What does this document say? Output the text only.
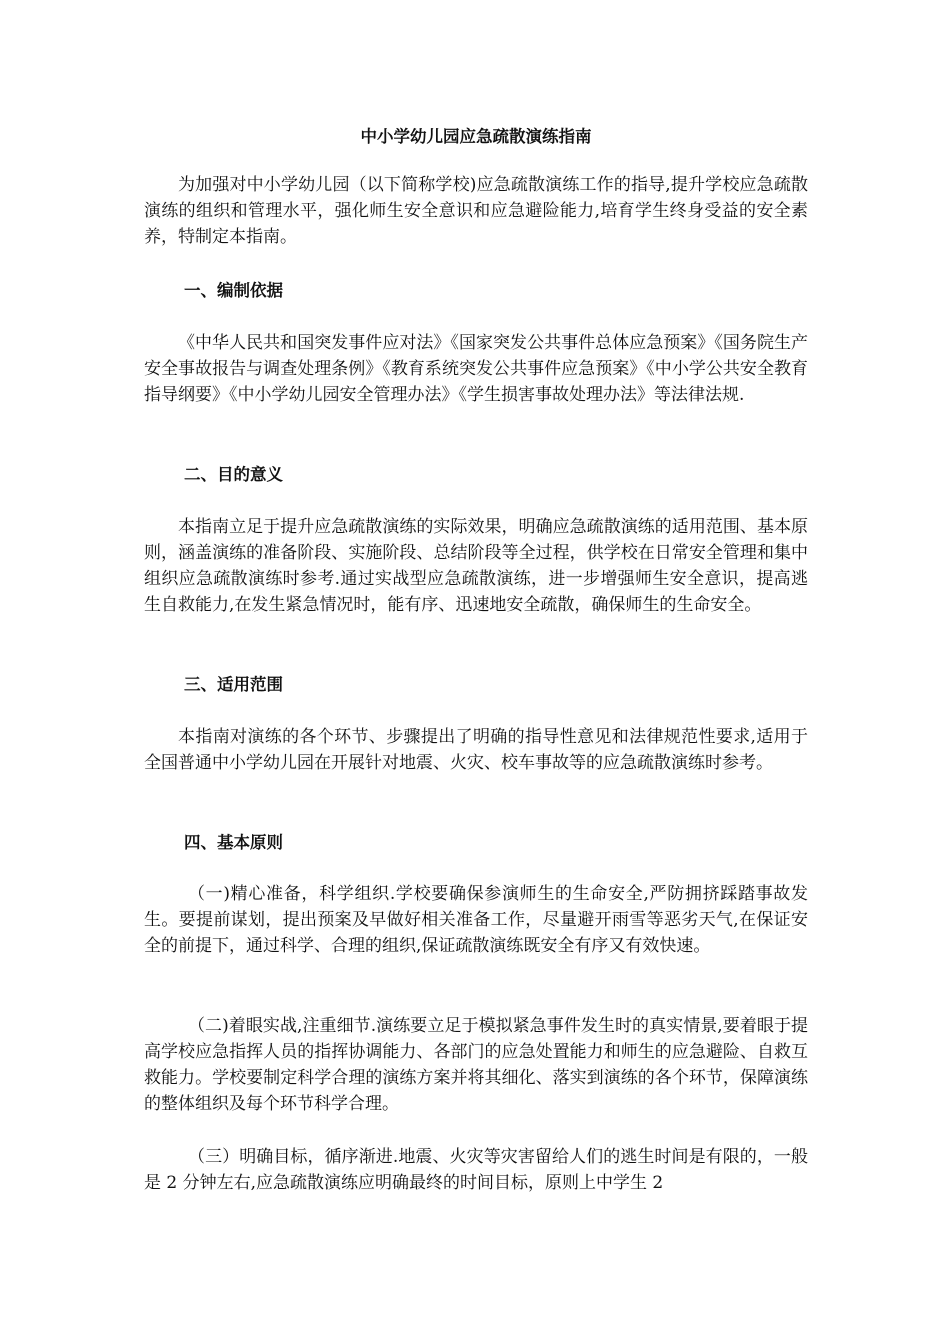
中小学幼儿园应急疏散演练指南

为加强对中小学幼儿园（以下简称学校)应急疏散演练工作的指导,提升学校应急疏散演练的组织和管理水平，强化师生安全意识和应急避险能力,培育学生终身受益的安全素养，特制定本指南。

一、编制依据

《中华人民共和国突发事件应对法》《国家突发公共事件总体应急预案》《国务院生产安全事故报告与调查处理条例》《教育系统突发公共事件应急预案》《中小学公共安全教育指导纲要》《中小学幼儿园安全管理办法》《学生损害事故处理办法》等法律法规.

二、目的意义

本指南立足于提升应急疏散演练的实际效果，明确应急疏散演练的适用范围、基本原则，涵盖演练的准备阶段、实施阶段、总结阶段等全过程，供学校在日常安全管理和集中组织应急疏散演练时参考.通过实战型应急疏散演练，进一步增强师生安全意识，提高逃生自救能力,在发生紧急情况时，能有序、迅速地安全疏散，确保师生的生命安全。

三、适用范围

本指南对演练的各个环节、步骤提出了明确的指导性意见和法律规范性要求,适用于全国普通中小学幼儿园在开展针对地震、火灾、校车事故等的应急疏散演练时参考。

四、基本原则

（一)精心准备，科学组织.学校要确保参演师生的生命安全,严防拥挤踩踏事故发生。要提前谋划，提出预案及早做好相关准备工作，尽量避开雨雪等恶劣天气,在保证安全的前提下，通过科学、合理的组织,保证疏散演练既安全有序又有效快速。

（二)着眼实战,注重细节.演练要立足于模拟紧急事件发生时的真实情景,要着眼于提高学校应急指挥人员的指挥协调能力、各部门的应急处置能力和师生的应急避险、自救互救能力。学校要制定科学合理的演练方案并将其细化、落实到演练的各个环节，保障演练的整体组织及每个环节科学合理。

（三）明确目标，循序渐进.地震、火灾等灾害留给人们的逃生时间是有限的，一般是 2 分钟左右,应急疏散演练应明确最终的时间目标，原则上中学生 2
